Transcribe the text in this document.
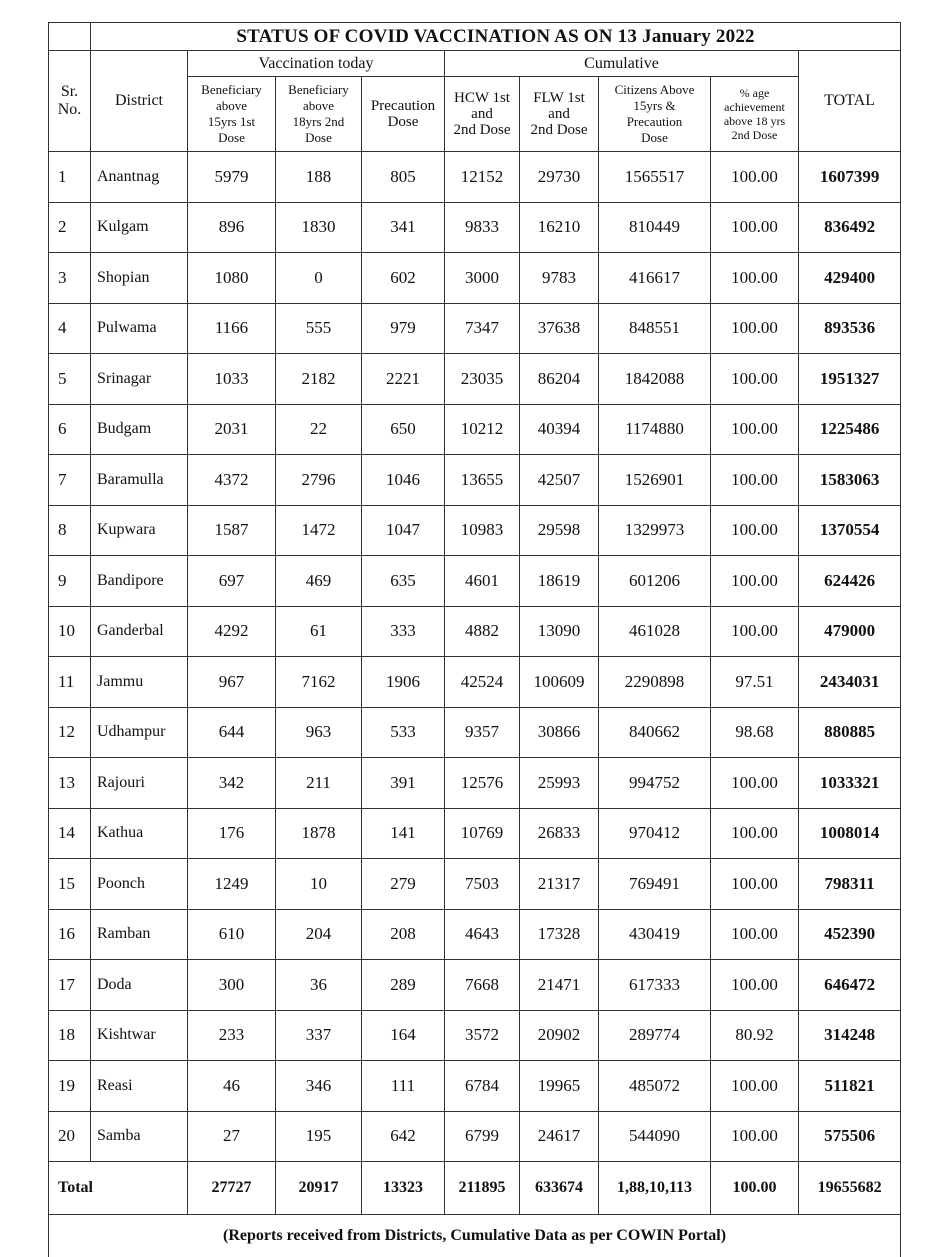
	STATUS OF COVID VACCINATION AS ON 13 January 2022								
Sr.
No.	District	Vaccination today			Cumulative				TOTAL
		Beneficiary
above
15yrs 1st
Dose	Beneficiary
above
18yrs 2nd
Dose	Precaution
Dose	HCW 1st
and
2nd Dose	FLW 1st
and
2nd Dose	Citizens Above
15yrs &
Precaution
Dose	% age
achievement
above 18 yrs
2nd Dose	
1	Anantnag	5979	188	805	12152	29730	1565517	100.00	1607399
2	Kulgam	896	1830	341	9833	16210	810449	100.00	836492
3	Shopian	1080	0	602	3000	9783	416617	100.00	429400
4	Pulwama	1166	555	979	7347	37638	848551	100.00	893536
5	Srinagar	1033	2182	2221	23035	86204	1842088	100.00	1951327
6	Budgam	2031	22	650	10212	40394	1174880	100.00	1225486
7	Baramulla	4372	2796	1046	13655	42507	1526901	100.00	1583063
8	Kupwara	1587	1472	1047	10983	29598	1329973	100.00	1370554
9	Bandipore	697	469	635	4601	18619	601206	100.00	624426
10	Ganderbal	4292	61	333	4882	13090	461028	100.00	479000
11	Jammu	967	7162	1906	42524	100609	2290898	97.51	2434031
12	Udhampur	644	963	533	9357	30866	840662	98.68	880885
13	Rajouri	342	211	391	12576	25993	994752	100.00	1033321
14	Kathua	176	1878	141	10769	26833	970412	100.00	1008014
15	Poonch	1249	10	279	7503	21317	769491	100.00	798311
16	Ramban	610	204	208	4643	17328	430419	100.00	452390
17	Doda	300	36	289	7668	21471	617333	100.00	646472
18	Kishtwar	233	337	164	3572	20902	289774	80.92	314248
19	Reasi	46	346	111	6784	19965	485072	100.00	511821
20	Samba	27	195	642	6799	24617	544090	100.00	575506
Total		27727	20917	13323	211895	633674	1,88,10,113	100.00	19655682
(Reports received from Districts, Cumulative Data as per COWIN Portal)									
